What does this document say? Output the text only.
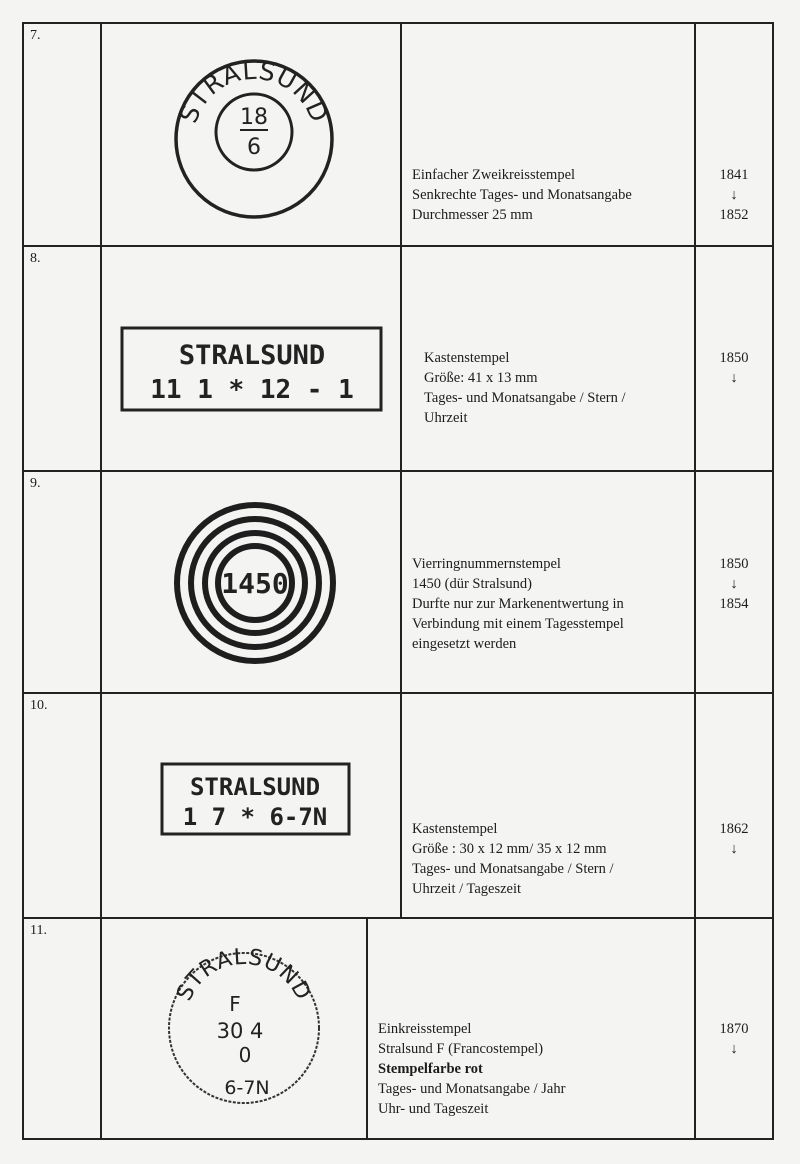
7.
STRALSUND
18
6
Einfacher Zweikreisstempel
Senkrechte Tages- und Monatsangabe
Durchmesser 25 mm
1841
↓
1852
8.
STRALSUND
11 1 * 12 - 1
Kastenstempel
Größe: 41 x 13 mm
Tages- und Monatsangabe / Stern /
Uhrzeit
1850
↓
9.
1450
Vierringnummernstempel
1450 (dür Stralsund)
Durfte nur zur Markenentwertung in
Verbindung mit einem Tagesstempel
eingesetzt werden
1850
↓
1854
10.
STRALSUND
1 7 * 6-7N	Kastenstempel
Größe : 30 x 12 mm/ 35 x 12 mm
Tages- und Monatsangabe / Stern /
Uhrzeit / Tageszeit
1862
↓
11.
STRALSUND
F
30 4
0
6-7N
Einkreisstempel
Stralsund F (Francostempel)
Stempelfarbe rot
Tages- und Monatsangabe / Jahr
Uhr- und Tageszeit
1870
↓
